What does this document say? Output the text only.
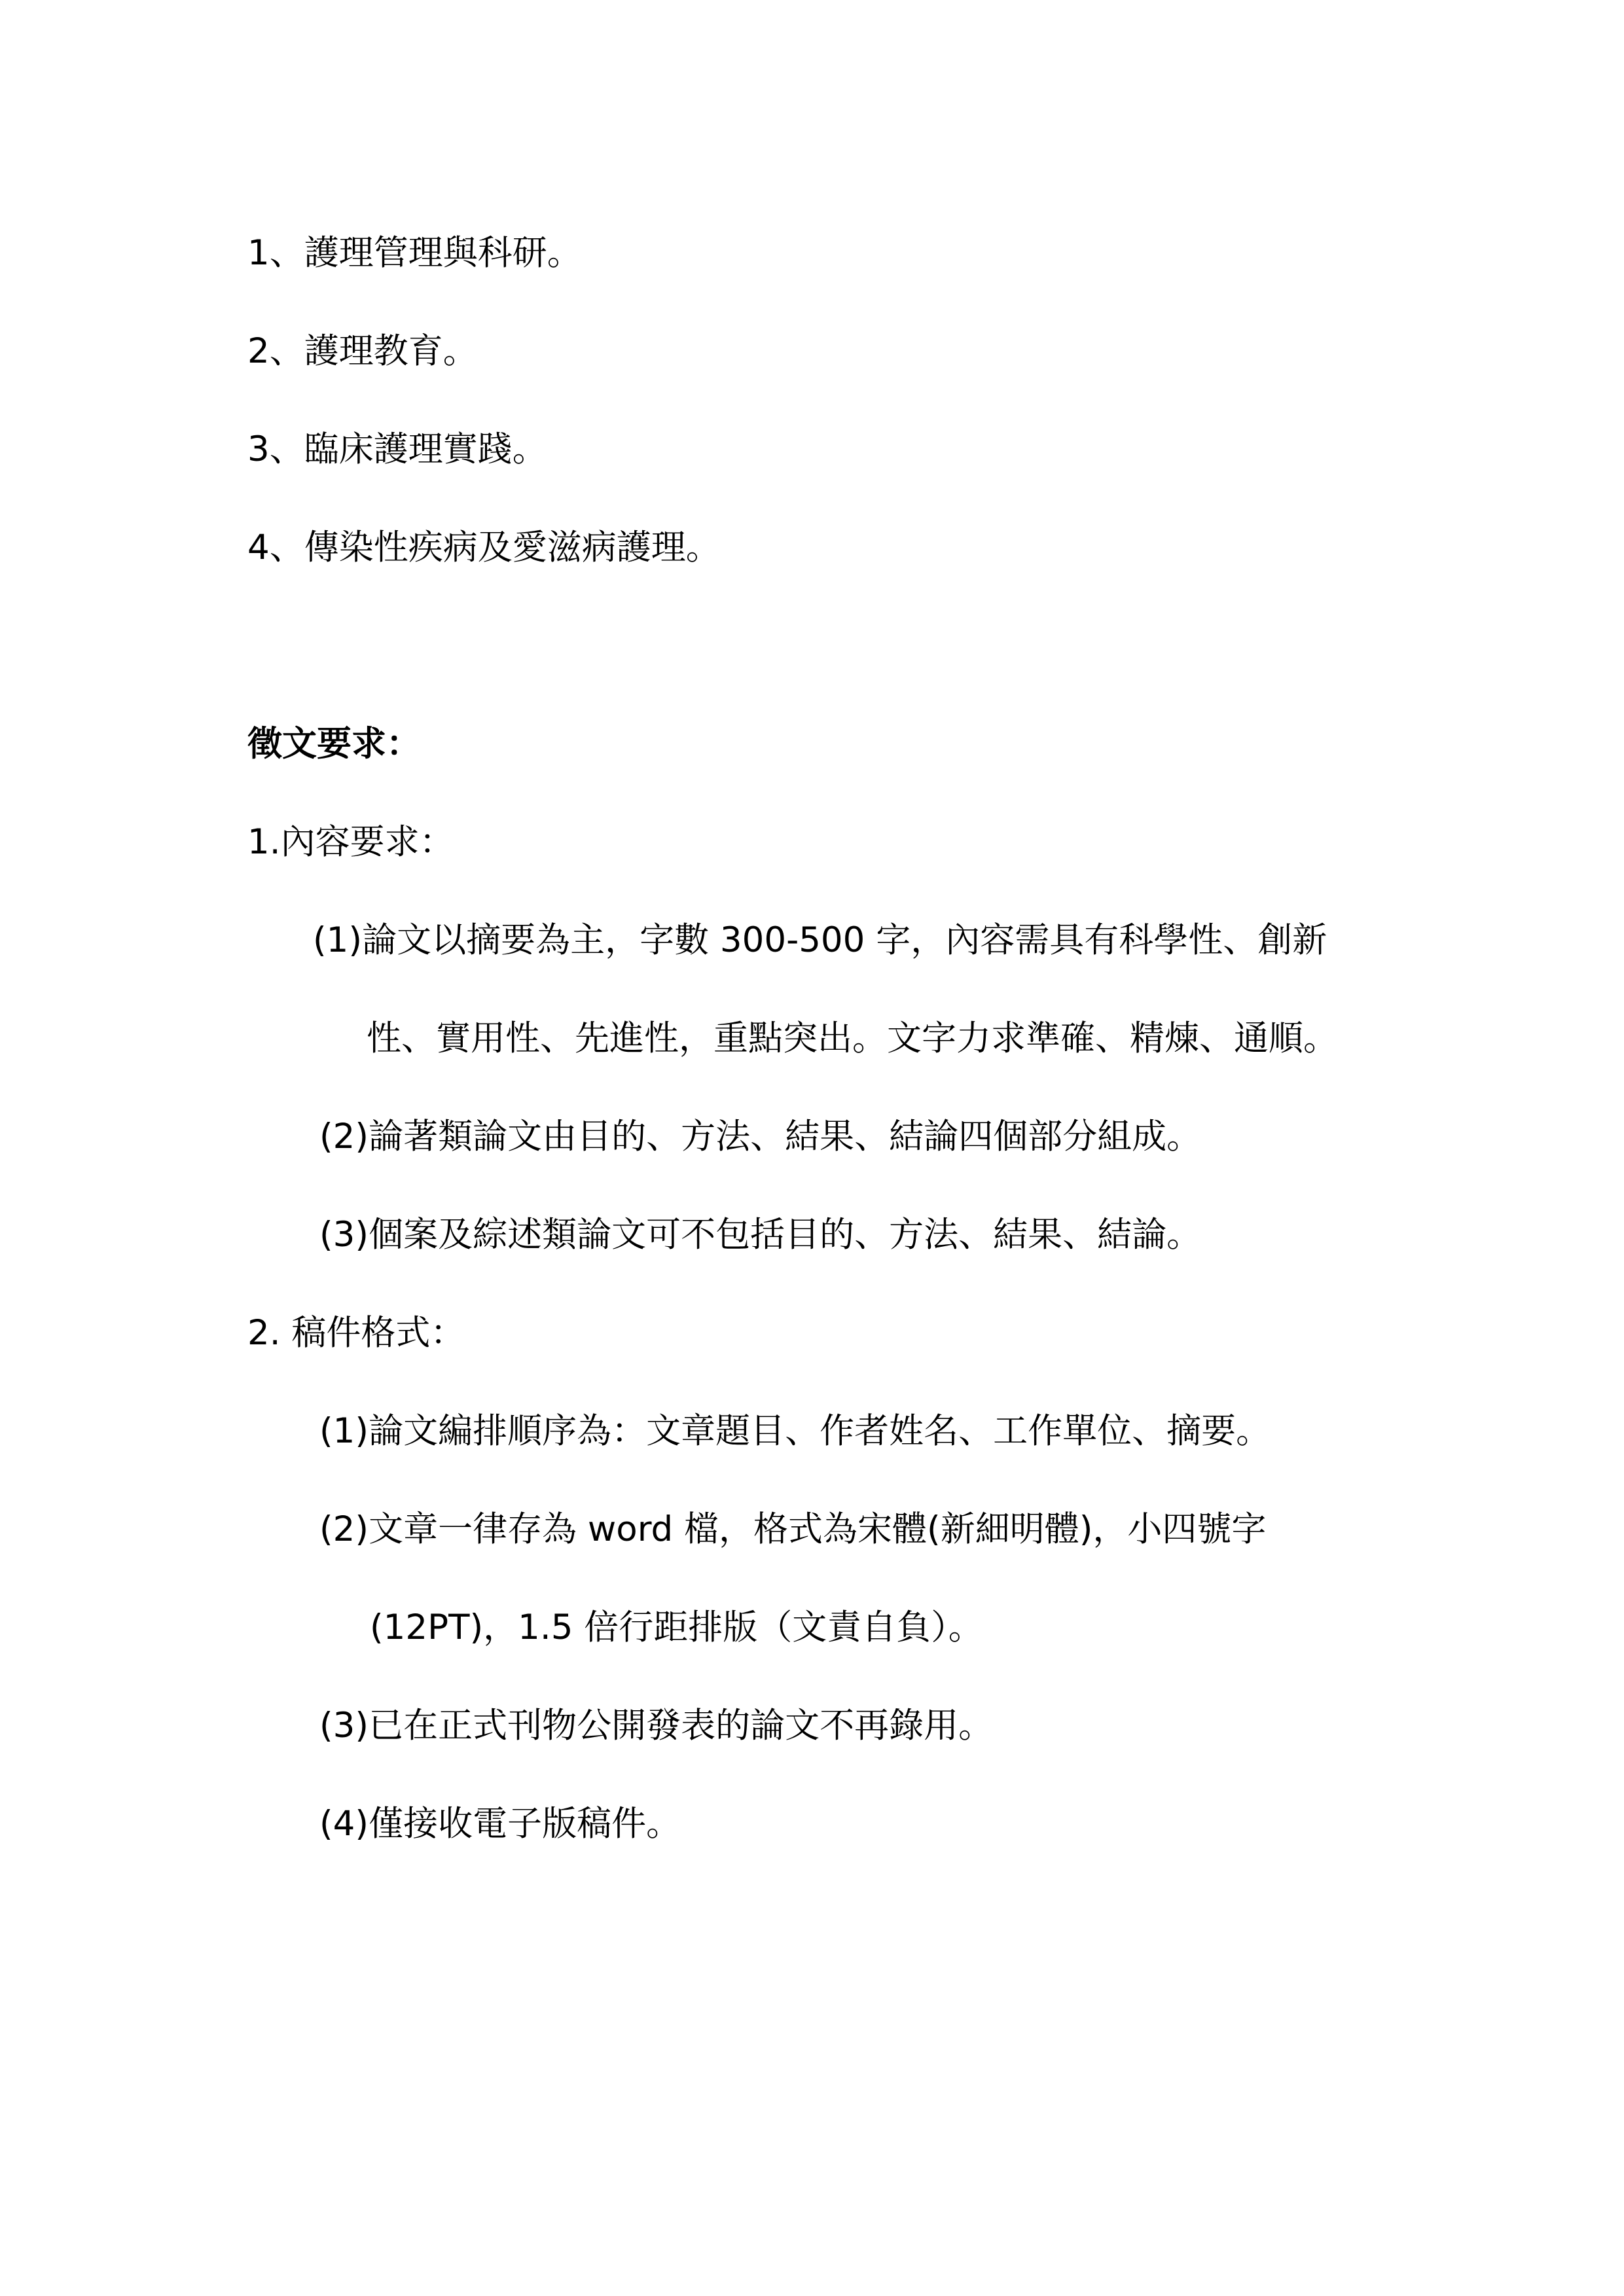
1、護理管理與科研。
2、護理教育。
3、臨床護理實踐。
4、傳染性疾病及愛滋病護理。
徵文要求：
1.內容要求：
(1)論文以摘要為主，字數 300-500 字，內容需具有科學性、創新
性、實用性、先進性，重點突出。文字力求準確、精煉、通順。
(2)論著類論文由目的、方法、結果、結論四個部分組成。
(3)個案及綜述類論文可不包括目的、方法、結果、結論。
2. 稿件格式：
(1)論文編排順序為：文章題目、作者姓名、工作單位、摘要。
(2)文章一律存為 word 檔，格式為宋體(新細明體)，小四號字
(12PT)，1.5 倍行距排版（文責自負）。
(3)已在正式刊物公開發表的論文不再錄用。
(4)僅接收電子版稿件。
